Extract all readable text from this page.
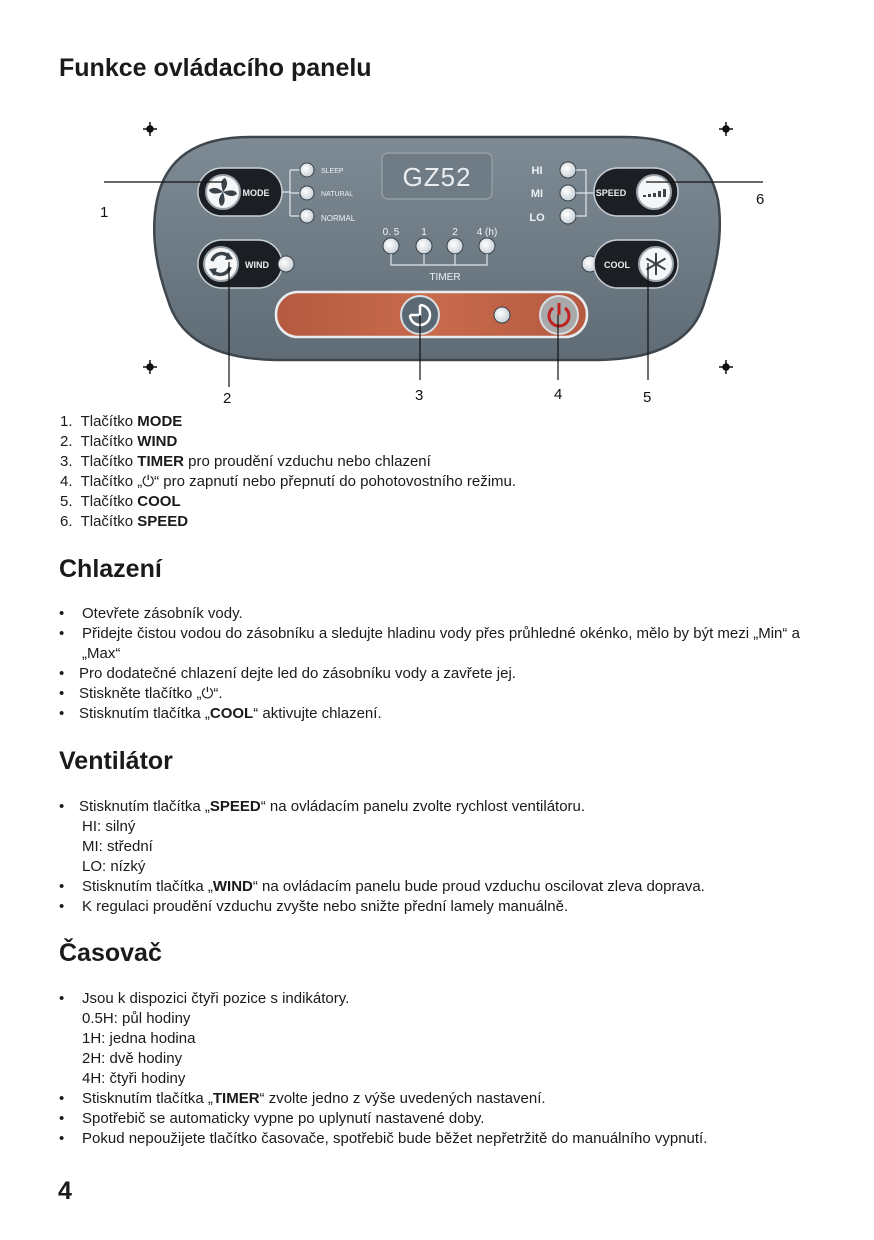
Funkce ovládacího panelu
GZ52
MODE
SLEEP
NATURAL
NORMAL
WIND
HI
MI
LO
SPEED
0. 5 1	2 4 (h)
TIMER
COOL
1
2	3	4	5
6
1. Tlačítko MODE
2. Tlačítko WIND
3. Tlačítko TIMER pro proudění vzduchu nebo chlazení
4. Tlačítko „⏻“ pro zapnutí nebo přepnutí do pohotovostního režimu.
5. Tlačítko COOL
6. Tlačítko SPEED
Chlazení
• Otevřete zásobník vody.
• Přidejte čistou vodou do zásobníku a sledujte hladinu vody přes průhledné okénko, mělo by být mezi „Min“ a „Max“
• Pro dodatečné chlazení dejte led do zásobníku vody a zavřete jej.
• Stiskněte tlačítko „⏻“.
• Stisknutím tlačítka „COOL“ aktivujte chlazení.
Ventilátor
• Stisknutím tlačítka „SPEED“ na ovládacím panelu zvolte rychlost ventilátoru.
HI: silný
MI: střední
LO: nízký
• Stisknutím tlačítka „WIND“ na ovládacím panelu bude proud vzduchu oscilovat zleva doprava.
• K regulaci proudění vzduchu zvyšte nebo snižte přední lamely manuálně.
Časovač
• Jsou k dispozici čtyři pozice s indikátory.
0.5H: půl hodiny
1H: jedna hodina
2H: dvě hodiny
4H: čtyři hodiny
• Stisknutím tlačítka „TIMER“ zvolte jedno z výše uvedených nastavení.
• Spotřebič se automaticky vypne po uplynutí nastavené doby.
• Pokud nepoužijete tlačítko časovače, spotřebič bude běžet nepřetržitě do manuálního vypnutí.
4
